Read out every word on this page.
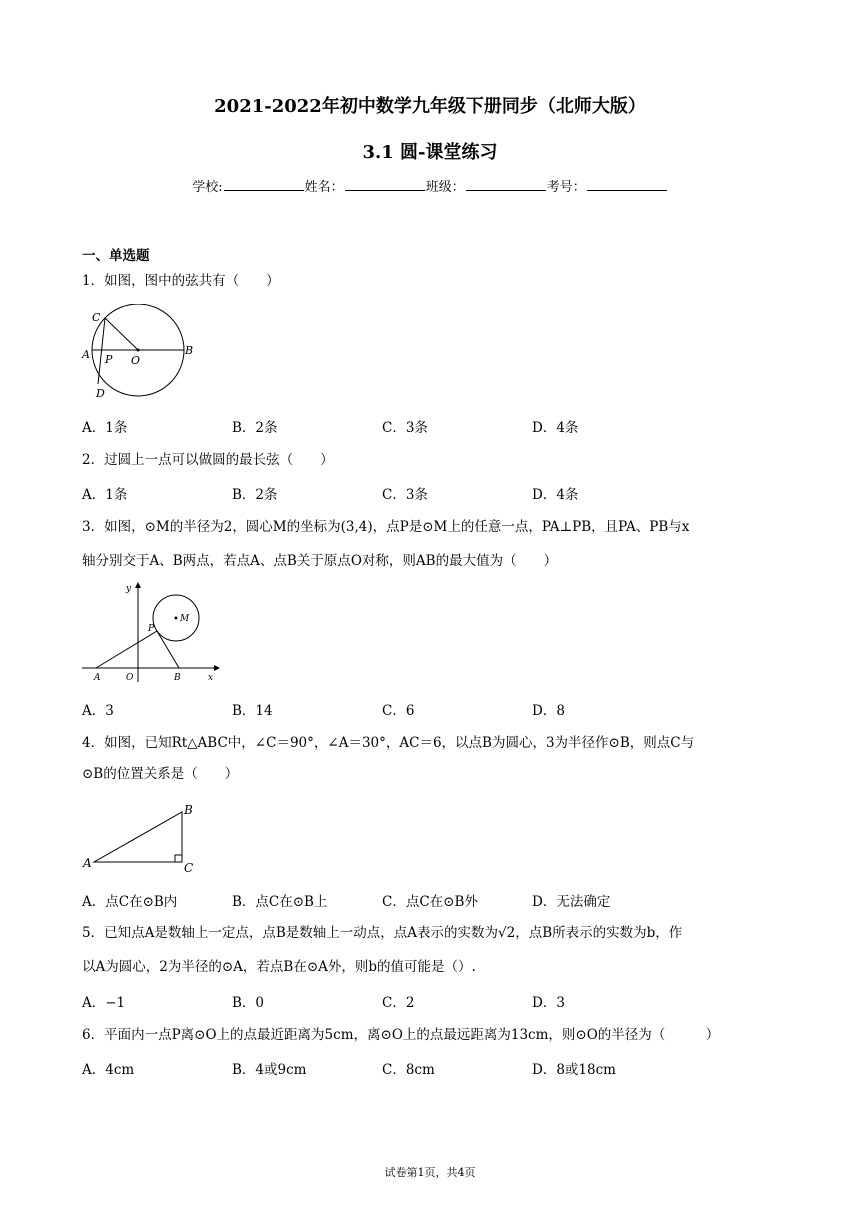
2021-2022年初中数学九年级下册同步（北师大版）
3.1 圆-课堂练习
学校:	姓名：	班级：	考号：
一、单选题
1．如图，图中的弦共有（　　）
C
A P O
B
D
A．1条	B．2条	C．3条	D．4条
2．过圆上一点可以做圆的最长弦（　　）
A．1条	B．2条	C．3条	D．4条
3．如图，⊙M的半径为2，圆心M的坐标为(3,4)，点P是⊙M上的任意一点，PA⊥PB，且PA、PB与x
轴分别交于A、B两点，若点A、点B关于原点O对称，则AB的最大值为（　　）
y
M
P
A	O	B	x
A．3	B．14	C．6	D．8
4．如图，已知Rt△ABC中，∠C＝90°，∠A＝30°，AC＝6，以点B为圆心，3为半径作⊙B，则点C与
⊙B的位置关系是（　　）
B
A	C
A．点C在⊙B内	B．点C在⊙B上	C．点C在⊙B外	D．无法确定
5．已知点A是数轴上一定点，点B是数轴上一动点，点A表示的实数为√2，点B所表示的实数为b，作
以A为圆心，2为半径的⊙A，若点B在⊙A外，则b的值可能是（）.
A．−1	B．0	C．2	D．3
6．平面内一点P离⊙O上的点最近距离为5cm，离⊙O上的点最远距离为13cm，则⊙O的半径为（　　　）
A．4cm	B．4或9cm	C．8cm	D．8或18cm
试卷第1页，共4页
